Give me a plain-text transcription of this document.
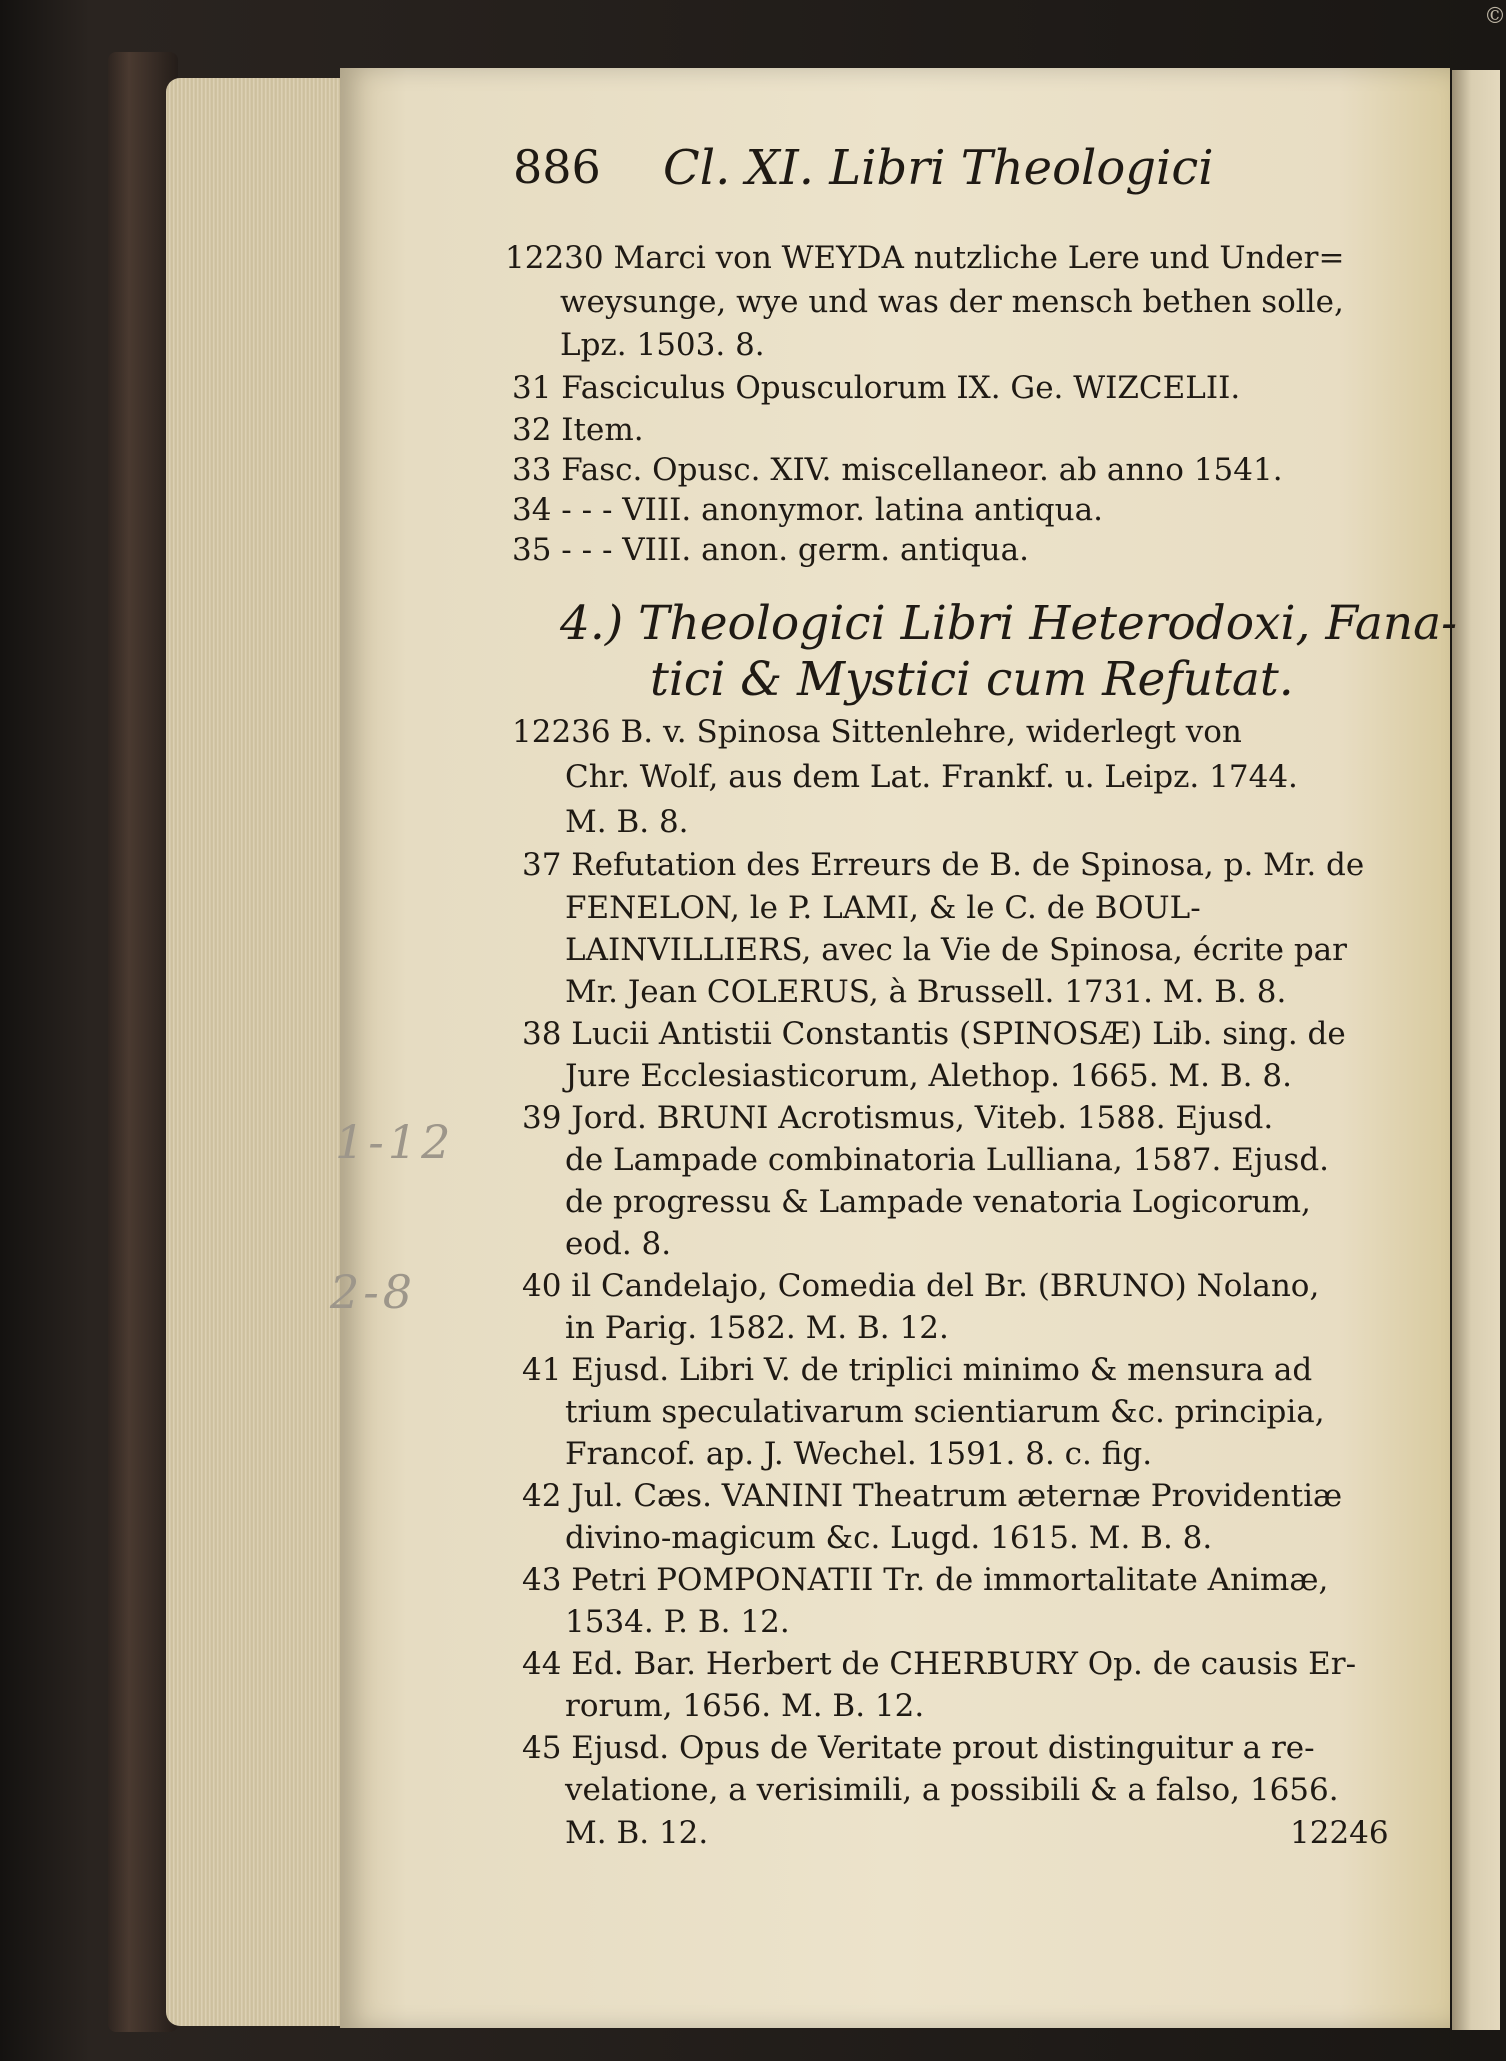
©
886 Cl. XI. Libri Theologici
12230 Marci von WEYDA nutzliche Lere und Under=
weysunge, wye und was der mensch bethen solle,
Lpz. 1503. 8.
31 Fasciculus Opusculorum IX. Ge. WIZCELII.
32 Item.
33 Fasc. Opusc. XIV. miscellaneor. ab anno 1541.
34 - - - VIII. anonymor. latina antiqua.
35 - - - VIII. anon. germ. antiqua.
4.) Theologici Libri Heterodoxi, Fana-
tici & Mystici cum Refutat.
12236 B. v. Spinosa Sittenlehre, widerlegt von
Chr. Wolf, aus dem Lat. Frankf. u. Leipz. 1744.
M. B. 8.
37 Refutation des Erreurs de B. de Spinosa, p. Mr. de
FENELON, le P. LAMI, & le C. de BOUL-
LAINVILLIERS, avec la Vie de Spinosa, écrite par
Mr. Jean COLERUS, à Brussell. 1731. M. B. 8.
38 Lucii Antistii Constantis (SPINOSÆ) Lib. sing. de
Jure Ecclesiasticorum, Alethop. 1665. M. B. 8.
39 Jord. BRUNI Acrotismus, Viteb. 1588. Ejusd.
de Lampade combinatoria Lulliana, 1587. Ejusd.
de progressu & Lampade venatoria Logicorum,
eod. 8.
40 il Candelajo, Comedia del Br. (BRUNO) Nolano,
in Parig. 1582. M. B. 12.
41 Ejusd. Libri V. de triplici minimo & mensura ad
trium speculativarum scientiarum &c. principia,
Francof. ap. J. Wechel. 1591. 8. c. fig.
42 Jul. Cæs. VANINI Theatrum æternæ Providentiæ
divino-magicum &c. Lugd. 1615. M. B. 8.
43 Petri POMPONATII Tr. de immortalitate Animæ,
1534. P. B. 12.
44 Ed. Bar. Herbert de CHERBURY Op. de causis Er-
rorum, 1656. M. B. 12.
45 Ejusd. Opus de Veritate prout distinguitur a re-
velatione, a verisimili, a possibili & a falso, 1656.
M. B. 12.	12246
1-12
2-8
